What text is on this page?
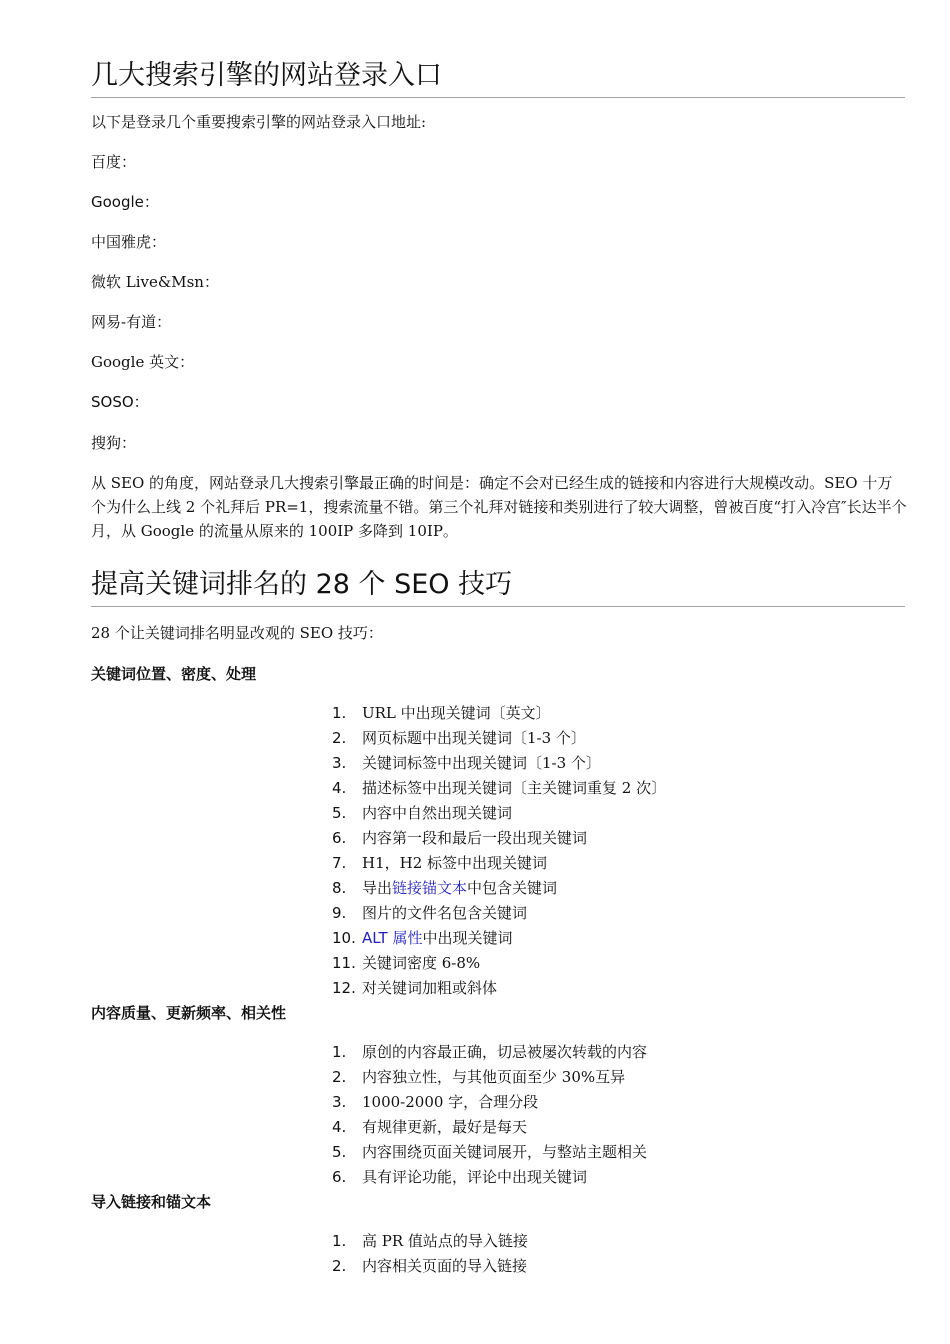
几大搜索引擎的网站登录入口

以下是登录几个重要搜索引擎的网站登录入口地址:

百度：

Google：

中国雅虎：

微软 Live&Msn：

网易-有道：

Google 英文：

SOSO：

搜狗：

从 SEO 的角度，网站登录几大搜索引擎最正确的时间是：确定不会对已经生成的链接和内容进行大规模改动。SEO 十万个为什么上线 2 个礼拜后 PR=1，搜索流量不错。第三个礼拜对链接和类别进行了较大调整，曾被百度“打入冷宫″长达半个月，从 Google 的流量从原来的 100IP 多降到 10IP。

提高关键词排名的 28 个 SEO 技巧

28 个让关键词排名明显改观的 SEO 技巧：

关键词位置、密度、处理

1. URL 中出现关键词〔英文〕
2. 网页标题中出现关键词〔1-3 个〕
3. 关键词标签中出现关键词〔1-3 个〕
4. 描述标签中出现关键词〔主关键词重复 2 次〕
5. 内容中自然出现关键词
6. 内容第一段和最后一段出现关键词
7. H1，H2 标签中出现关键词
8. 导出链接锚文本中包含关键词
9. 图片的文件名包含关键词
10. ALT 属性中出现关键词
11. 关键词密度 6-8%
12. 对关键词加粗或斜体

内容质量、更新频率、相关性

1. 原创的内容最正确，切忌被屡次转载的内容
2. 内容独立性，与其他页面至少 30%互异
3. 1000-2000 字，合理分段
4. 有规律更新，最好是每天
5. 内容围绕页面关键词展开，与整站主题相关
6. 具有评论功能，评论中出现关键词

导入链接和锚文本

1. 高 PR 值站点的导入链接
2. 内容相关页面的导入链接
